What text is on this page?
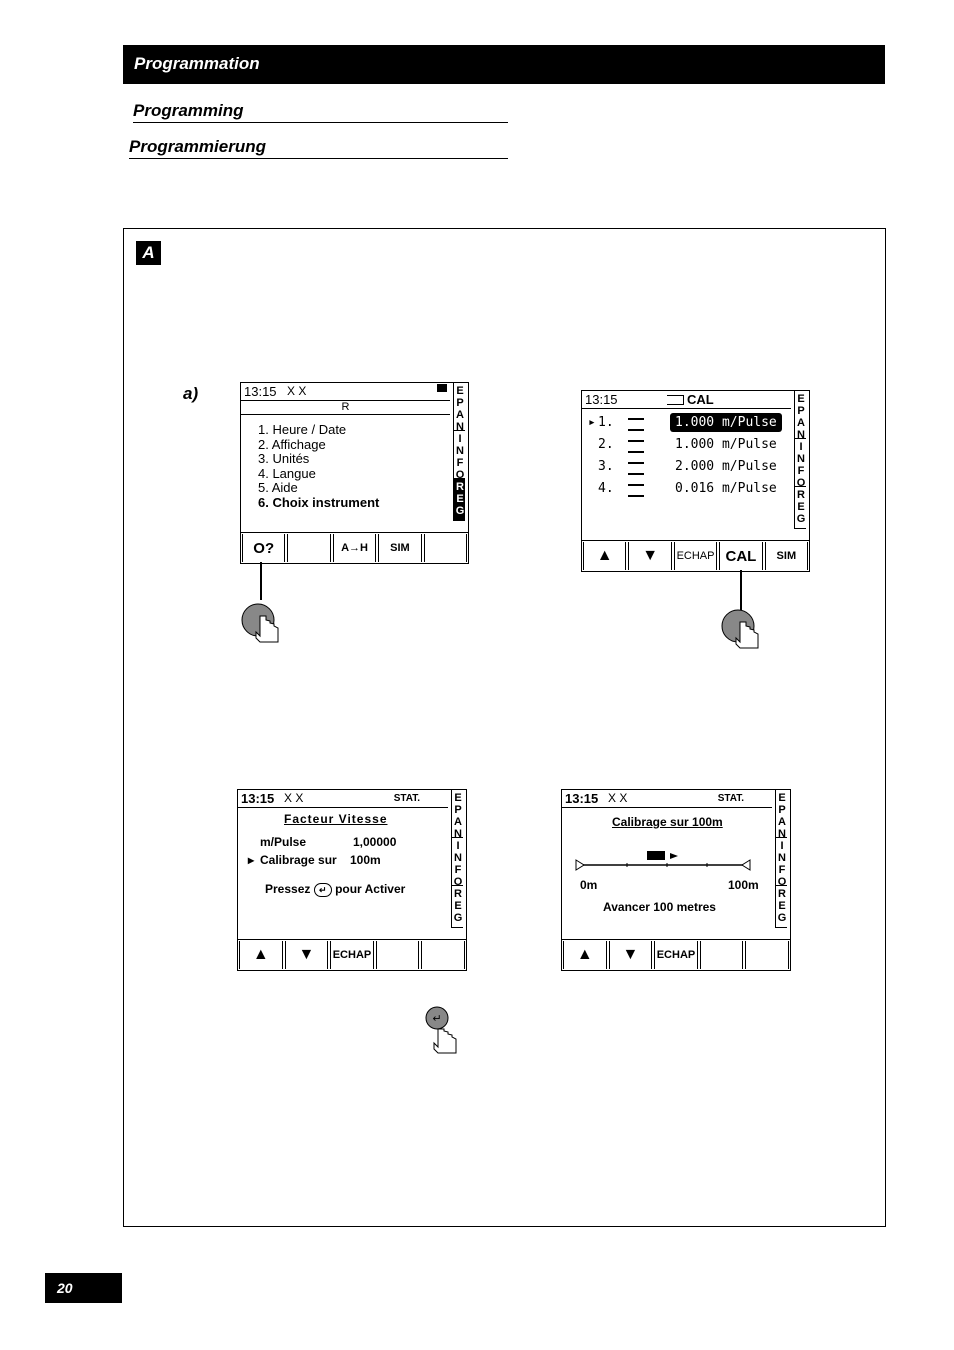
Programmation
Programming
Programmierung
A
a)	13:15 X X
R
1. Heure / Date
2. Affichage
3. Unités
4. Langue
5. Aide
6. Choix instrument
EPAN
INFO
REG
O?	A→H	SIM
13:15	CAL
▸ 1.	1.000 m/Pulse
2.	1.000 m/Pulse
3.	2.000 m/Pulse
4.	0.016 m/Pulse
EPAN
INFO
REG
▲	▼	ECHAP CAL	SIM
13:15 X X	STAT.
Facteur Vitesse
m/Pulse	1,00000
▸ Calibrage sur 100m
Pressez ↵ pour Activer
EPAN
INFO
REG
▲	▼	ECHAP
↵
13:15 X X	STAT.
Calibrage sur 100m
0m	100m
Avancer 100 metres
EPAN
INFO
REG
▲	▼	ECHAP
20
